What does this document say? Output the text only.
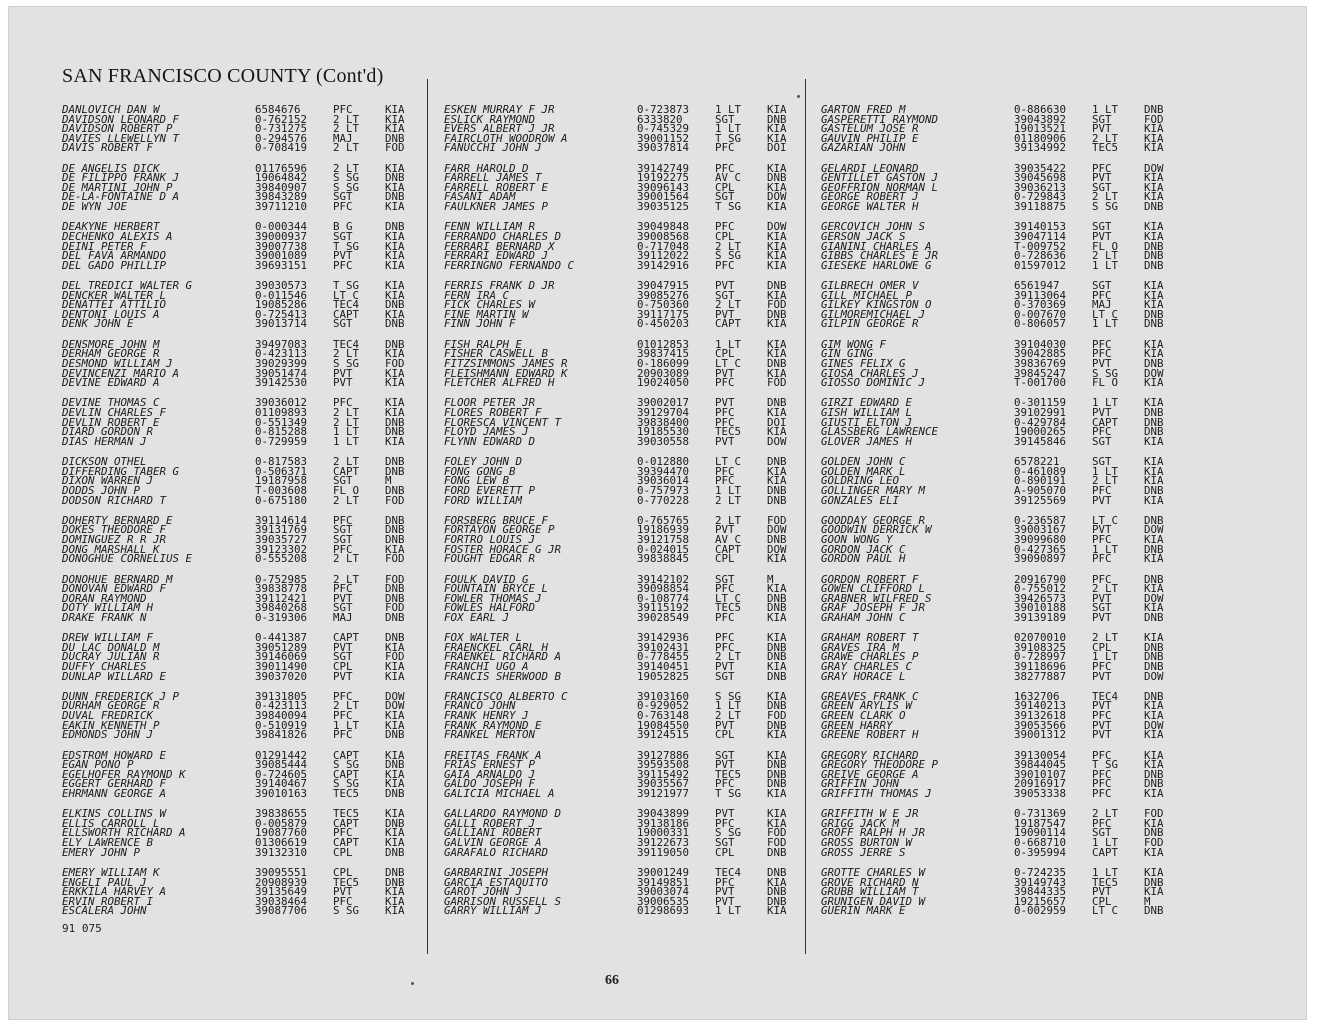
SAN FRANCISCO COUNTY (Cont'd)
DANLOVICH DAN W	6584676	PFC	KIA
DAVIDSON LEONARD F	0-762152	2 LT	KIA
DAVIDSON ROBERT P	0-731275	2 LT	KIA
DAVIES LLEWELLYN T	0-294576	MAJ	DNB
DAVIS ROBERT F	0-708419	2 LT	FOD
DE ANGELIS DICK	01176596	2 LT	KIA
DE FILIPPO FRANK J	19064842	S SG	DNB
DE MARTINI JOHN P	39840907	S SG	KIA
DE-LA-FONTAINE D A	39843289	SGT	DNB
DE WYN JOE	39711210	PFC	KIA
DEAKYNE HERBERT	0-000344	B G	DNB
DECHENKO ALEXIS A	39000937	SGT	KIA
DEINI PETER F	39007738	T SG	KIA
DEL FAVA ARMANDO	39001089	PVT	KIA
DEL GADO PHILLIP	39693151	PFC	KIA
DEL TREDICI WALTER G	39030573	T SG	KIA
DENCKER WALTER L	0-011546	LT C	KIA
DENATTEI ATTILIO	19085286	TEC4	DNB
DENTONI LOUIS A	0-725413	CAPT	KIA
DENK JOHN E	39013714	SGT	DNB
DENSMORE JOHN M	39497083	TEC4	DNB
DERHAM GEORGE R	0-423113	2 LT	KIA
DESMOND WILLIAM J	39029399	S SG	FOD
DEVINCENZI MARIO A	39051474	PVT	KIA
DEVINE EDWARD A	39142530	PVT	KIA
DEVINE THOMAS C	39036012	PFC	KIA
DEVLIN CHARLES F	01109893	2 LT	KIA
DEVLIN ROBERT E	0-551349	2 LT	DNB
DIARD GORDON R	0-815288	1 LT	DNB
DIAS HERMAN J	0-729959	1 LT	KIA
DICKSON OTHEL	0-817583	2 LT	DNB
DIFFERDING TABER G	0-506371	CAPT	DNB
DIXON WARREN J	19187958	SGT	M
DODDS JOHN P	T-003608	FL O	DNB
DODSON RICHARD T	0-675180	2 LT	FOD
DOHERTY BERNARD E	39114614	PFC	DNB
DOKES THEODORE F	39131769	SGT	DNB
DOMINGUEZ R R JR	39035727	SGT	DNB
DONG MARSHALL K	39123302	PFC	KIA
DONOGHUE CORNELIUS E	0-555208	2 LT	FOD
DONOHUE BERNARD M	0-752985	2 LT	FOD
DONOVAN EDWARD F	39838778	PFC	DNB
DORAN RAYMOND	39112421	PVT	DNB
DOTY WILLIAM H	39840268	SGT	FOD
DRAKE FRANK N	0-319306	MAJ	DNB
DREW WILLIAM F	0-441387	CAPT	DNB
DU LAC DONALD M	39051289	PVT	KIA
DUCRAY JULIAN R	39146069	SGT	FOD
DUFFY CHARLES	39011490	CPL	KIA
DUNLAP WILLARD E	39037020	PVT	KIA
DUNN FREDERICK J P	39131805	PFC	DOW
DURHAM GEORGE R	0-423113	2 LT	DOW
DUVAL FREDRICK	39840094	PFC	KIA
EAKIN KENNETH P	0-510919	1 LT	KIA
EDMONDS JOHN J	39841826	PFC	DNB
EDSTROM HOWARD E	01291442	CAPT	KIA
EGAN PONO P	39085444	S SG	DNB
EGELHOFER RAYMOND K	0-724605	CAPT	KIA
EGGERT GERHARD F	39140467	S SG	KIA
EHRMANN GEORGE A	39010163	TEC5	DNB
ELKINS COLLINS W	39838655	TEC5	KIA
ELLIS CARROLL L	0-005879	CAPT	DNB
ELLSWORTH RICHARD A	19087760	PFC	KIA
ELY LAWRENCE B	01306619	CAPT	KIA
EMERY JOHN P	39132310	CPL	DNB
EMERY WILLIAM K	39095551	CPL	DNB
ENGELI PAUL J	20908939	TEC5	DNB
ERKKILA HARVEY A	39135649	PVT	KIA
ERVIN ROBERT I	39038464	PFC	KIA
ESCALERA JOHN	39087706	S SG	KIA
ESKEN MURRAY F JR	0-723873	1 LT	KIA
ESLICK RAYMOND	6333820	SGT	DNB
EVERS ALBERT J JR	0-745329	1 LT	KIA
FAIRCLOTH WOODROW A	39001152	T SG	KIA
FANUCCHI JOHN J	39037814	PFC	DOI
FARR HAROLD D	39142749	PFC	KIA
FARRELL JAMES T	19192275	AV C	DNB
FARRELL ROBERT E	39096143	CPL	KIA
FASANI ADAM	39001564	SGT	DOW
FAULKNER JAMES P	39035125	T SG	KIA
FENN WILLIAM R	39049848	PFC	DOW
FERRANDO CHARLES D	39008568	CPL	KIA
FERRARI BERNARD X	0-717048	2 LT	KIA
FERRARI EDWARD J	39112022	S SG	KIA
FERRINGNO FERNANDO C	39142916	PFC	KIA
FERRIS FRANK D JR	39047915	PVT	DNB
FERN IRA C	39085276	SGT	KIA
FICK CHARLES W	0-750360	2 LT	FOD
FINE MARTIN W	39117175	PVT	DNB
FINN JOHN F	0-450203	CAPT	KIA
FISH RALPH E	01012853	1 LT	KIA
FISHER CASWELL B	39837415	CPL	KIA
FITZSIMMONS JAMES R	0-186099	LT C	DNB
FLEISHMANN EDWARD K	20903089	PVT	KIA
FLETCHER ALFRED H	19024050	PFC	FOD
FLOOR PETER JR	39002017	PVT	DNB
FLORES ROBERT F	39129704	PFC	KIA
FLORESCA VINCENT T	39838400	PFC	DOI
FLOYD JAMES J	19185530	TEC5	KIA
FLYNN EDWARD D	39030558	PVT	DOW
FOLEY JOHN D	0-012880	LT C	DNB
FONG GONG B	39394470	PFC	KIA
FONG LEW B	39036014	PFC	KIA
FORD EVERETT P	0-757973	1 LT	DNB
FORD WILLIAM	0-770228	2 LT	DNB
FORSBERG BRUCE F	0-765765	2 LT	FOD
FORTAYON GEORGE P	19186939	PVT	DOW
FORTRO LOUIS J	39121758	AV C	DNB
FOSTER HORACE G JR	0-024015	CAPT	DOW
FOUGHT EDGAR R	39838845	CPL	KIA
FOULK DAVID G	39142102	SGT	M
FOUNTAIN BRYCE L	39098854	PFC	KIA
FOWLER THOMAS J	0-108774	LT C	DNB
FOWLES HALFORD	39115192	TEC5	DNB
FOX EARL J	39028549	PFC	KIA
FOX WALTER L	39142936	PFC	KIA
FRAENCKEL CARL H	39102431	PFC	DNB
FRAENKEL RICHARD A	0-778455	2 LT	DNB
FRANCHI UGO A	39140451	PVT	KIA
FRANCIS SHERWOOD B	19052825	SGT	DNB
FRANCISCO ALBERTO C	39103160	S SG	KIA
FRANCO JOHN	0-929052	1 LT	DNB
FRANK HENRY J	0-763148	2 LT	FOD
FRANK RAYMOND E	19084550	PVT	DNB
FRANKEL MERTON	39124515	CPL	KIA
FREITAS FRANK A	39127886	SGT	KIA
FRIAS ERNEST P	39593508	PVT	DNB
GAIA ARNALDO J	39115492	TEC5	DNB
GALDO JOSEPH F	39035567	PFC	DNB
GALICIA MICHAEL A	39121977	T SG	KIA
GALLARDO RAYMOND D	39043899	PVT	KIA
GALLI ROBERT J	39138186	PFC	KIA
GALLIANI ROBERT	19000331	S SG	FOD
GALVIN GEORGE A	39122673	SGT	FOD
GARAFALO RICHARD	39119050	CPL	DNB
GARBARINI JOSEPH	39001249	TEC4	DNB
GARCIA ESTAQUITO	39149851	PFC	KIA
GAROT JOHN J	39003074	PVT	DNB
GARRISON RUSSELL S	39006535	PVT	DNB
GARRY WILLIAM J	01298693	1 LT	KIA
GARTON FRED M	0-886630	1 LT	DNB
GASPERETTI RAYMOND	39043892	SGT	FOD
GASTELUM JOSE R	19013521	PVT	KIA
GAUVIN PHILIP E	01180906	2 LT	KIA
GAZARIAN JOHN	39134992	TEC5	KIA
GELARDI LEONARD	39035422	PFC	DOW
GENTILLET GASTON J	39045698	PVT	KIA
GEOFFRION NORMAN L	39036213	SGT	KIA
GEORGE ROBERT J	0-729843	2 LT	KIA
GEORGE WALTER H	39118875	S SG	DNB
GERCOVICH JOHN S	39140153	SGT	KIA
GERSON JACK S	39047114	PVT	KIA
GIANINI CHARLES A	T-009752	FL O	DNB
GIBBS CHARLES E JR	0-728636	2 LT	DNB
GIESEKE HARLOWE G	01597012	1 LT	DNB
GILBRECH OMER V	6561947	SGT	KIA
GILL MICHAEL P	39113064	PFC	KIA
GILKEY KINGSTON O	0-370369	MAJ	KIA
GILMOREMICHAEL J	0-007670	LT C	DNB
GILPIN GEORGE R	0-806057	1 LT	DNB
GIM WONG F	39104030	PFC	KIA
GIN GING	39042885	PFC	KIA
GINES FELIX G	39836769	PVT	DNB
GIOSA CHARLES J	39845247	S SG	DOW
GIOSSO DOMINIC J	T-001700	FL O	KIA
GIRZI EDWARD E	0-301159	1 LT	KIA
GISH WILLIAM L	39102991	PVT	DNB
GIUSTI ELTON J	0-429784	CAPT	DNB
GLASSBERG LAWRENCE	19000265	PFC	DNB
GLOVER JAMES H	39145846	SGT	KIA
GOLDEN JOHN C	6578221	SGT	KIA
GOLDEN MARK L	0-461089	1 LT	KIA
GOLDRING LEO	0-890191	2 LT	KIA
GOLLINGER MARY M	A-905070	PFC	DNB
GONZALES ELI	39125569	PVT	KIA
GOODDAY GEORGE R	0-236587	LT C	DNB
GOODWIN DERRICK W	39003167	PVT	DOW
GOON WONG Y	39099680	PFC	KIA
GORDON JACK C	0-427365	1 LT	DNB
GORDON PAUL H	39090897	PFC	KIA
GORDON ROBERT F	20916790	PFC	DNB
GOWEN CLIFFORD L	0-755012	2 LT	KIA
GRABNER WILFRED S	39426573	PVT	DOW
GRAF JOSEPH F JR	39010188	SGT	KIA
GRAHAM JOHN C	39139189	PVT	DNB
GRAHAM ROBERT T	02070010	2 LT	KIA
GRAVES IRA M	39108325	CPL	DNB
GRAWE CHARLES P	0-728997	1 LT	DNB
GRAY CHARLES C	39118696	PFC	DNB
GRAY HORACE L	38277887	PVT	DOW
GREAVES FRANK C	1632706	TEC4	DNB
GREEN ARYLIS W	39140213	PVT	KIA
GREEN CLARK O	39132618	PFC	KIA
GREEN HARRY	39053566	PVT	DOW
GREENE ROBERT H	39001312	PVT	KIA
GREGORY RICHARD	39130054	PFC	KIA
GREGORY THEODORE P	39844045	T SG	KIA
GREIVE GEORGE A	39010107	PFC	DNB
GRIFFIN JOHN	20916917	PFC	DNB
GRIFFITH THOMAS J	39053338	PFC	KIA
GRIFFITH W E JR	0-731369	2 LT	FOD
GRIGG JACK M	19187547	PFC	KIA
GROFF RALPH H JR	19090114	SGT	DNB
GROSS BURTON W	0-668710	1 LT	FOD
GROSS JERRE S	0-395994	CAPT	KIA
GROTTE CHARLES W	0-724235	1 LT	KIA
GROVE RICHARD N	39149743	TEC5	DNB
GRUBB WILLIAM T	39844335	PVT	KIA
GRUNIGEN DAVID W	19215657	CPL	M
GUERIN MARK E	0-002959	LT C	DNB
91 075
66
